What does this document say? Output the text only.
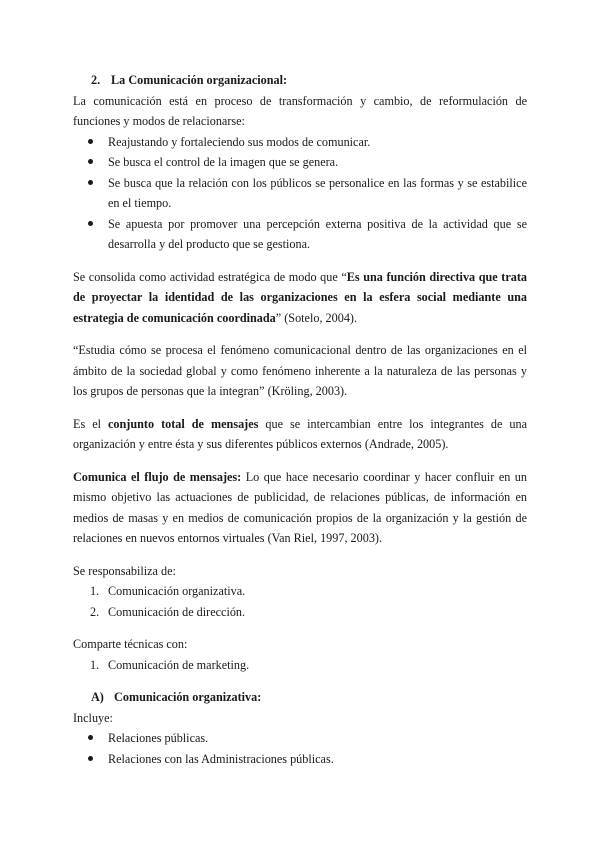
2. La Comunicación organizacional:

La comunicación está en proceso de transformación y cambio, de reformulación de funciones y modos de relacionarse:

Reajustando y fortaleciendo sus modos de comunicar.
Se busca el control de la imagen que se genera.
Se busca que la relación con los públicos se personalice en las formas y se estabilice en el tiempo.
Se apuesta por promover una percepción externa positiva de la actividad que se desarrolla y del producto que se gestiona.

Se consolida como actividad estratégica de modo que “Es una función directiva que trata de proyectar la identidad de las organizaciones en la esfera social mediante una estrategia de comunicación coordinada” (Sotelo, 2004).

“Estudia cómo se procesa el fenómeno comunicacional dentro de las organizaciones en el ámbito de la sociedad global y como fenómeno inherente a la naturaleza de las personas y los grupos de personas que la integran” (Kröling, 2003).

Es el conjunto total de mensajes que se intercambian entre los integrantes de una organización y entre ésta y sus diferentes públicos externos (Andrade, 2005).

Comunica el flujo de mensajes: Lo que hace necesario coordinar y hacer confluir en un mismo objetivo las actuaciones de publicidad, de relaciones públicas, de información en medios de masas y en medios de comunicación propios de la organización y la gestión de relaciones en nuevos entornos virtuales (Van Riel, 1997, 2003).

Se responsabiliza de:

1. Comunicación organizativa.
2. Comunicación de dirección.

Comparte técnicas con:

1. Comunicación de marketing.
A) Comunicación organizativa:

Incluye:

Relaciones públicas.
Relaciones con las Administraciones públicas.
